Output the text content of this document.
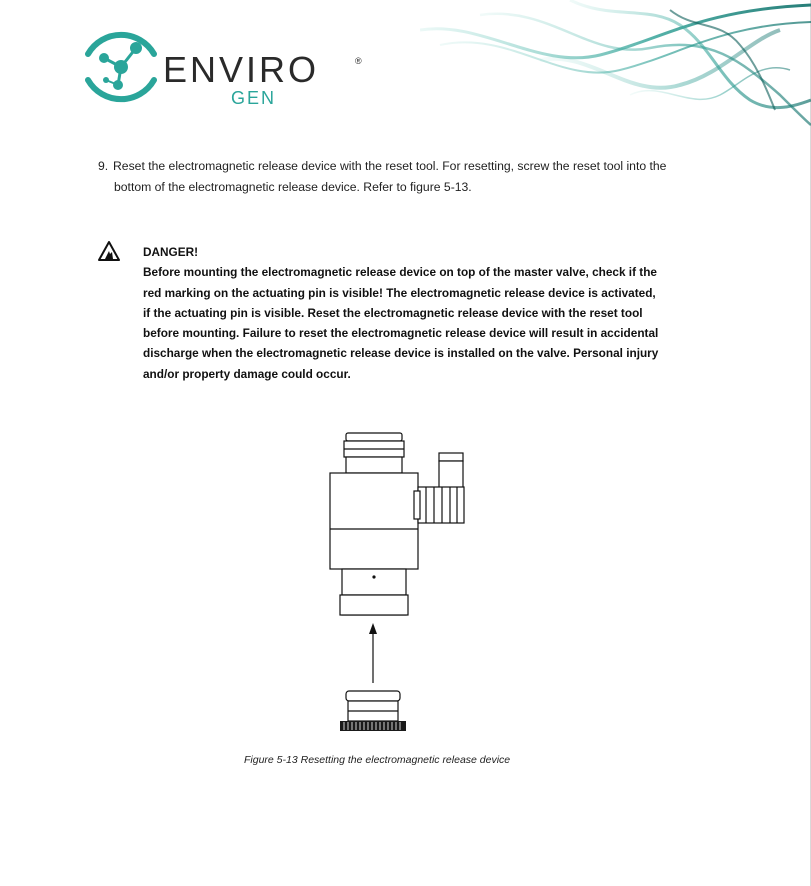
ENVIRO	®
GEN
9. Reset the electromagnetic release device with the reset tool. For resetting, screw the reset tool into the
bottom of the electromagnetic release device. Refer to figure 5-13.

DANGER!

Before mounting the electromagnetic release device on top of the master valve, check if the

red marking on the actuating pin is visible! The electromagnetic release device is activated,

if the actuating pin is visible. Reset the electromagnetic release device with the reset tool

before mounting. Failure to reset the electromagnetic release device will result in accidental

discharge when the electromagnetic release device is installed on the valve. Personal injury

and/or property damage could occur.

Figure 5-13 Resetting the electromagnetic release device
